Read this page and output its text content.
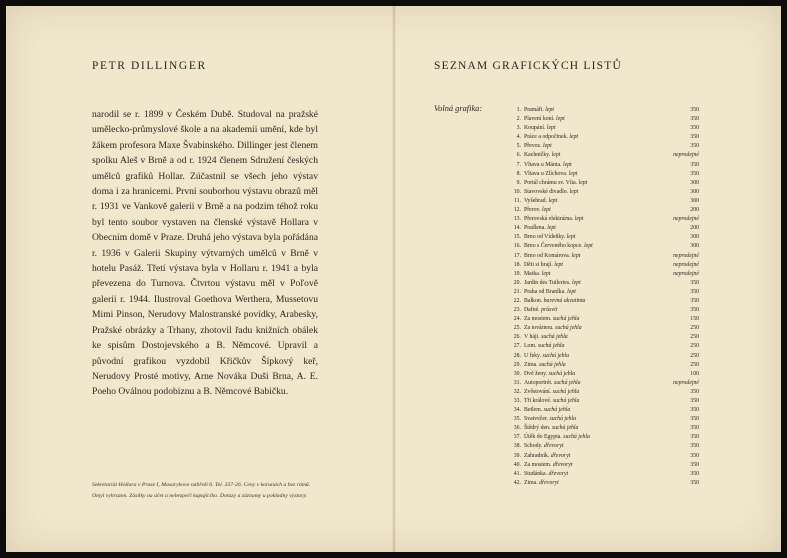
PETR DILLINGER

narodil se r. 1899 v Českém Dubě. Studoval na pražské umělecko-průmyslové škole a na akademii umění, kde byl žákem profesora Maxe Švabinského. Dillinger jest členem spolku Aleš v Brně a od r. 1924 členem Sdružení českých umělců grafiků Hollar. Zúčastnil se všech jeho výstav doma i za hranicemi. První souborhou výstavu obrazů měl r. 1931 ve Vankově galerii v Brně a na podzim téhož roku byl tento soubor vystaven na členské výstavě Hollara v Obecním domě v Praze. Druhá jeho výstava byla pořádána r. 1936 v Galerii Skupiny výtvarných umělců v Brně v hotelu Pasáž. Třetí výstava byla v Hollaru r. 1941 a byla převezena do Turnova. Čtvrtou výstavu měl v Poľově galerii r. 1944. Ilustroval Goethova Werthera, Mussetovu Mimi Pinson, Nerudovy Malostranské povídky, Arabesky, Pražské obrázky a Trhany, zhotovil řadu knižních obálek ke spisům Dostojevského a B. Němcové. Upravil a původní grafikou vyzdobil Křičkův Šípkový keř, Nerudovy Prosté motivy, Arne Nováka Duši Brna, A. E. Poeho Oválnou podobiznu a B. Němcové Babičku.

Sekretariát Hollara v Praze I, Masarykovo nábřeží 6. Tel. 337-26. Ceny v korunách a bez rámů.
Omyl vyhrazen. Zásilky na účet a nebezpečí kupujícího. Dotazy a záznamy u pokladny výstavy.
SEZNAM GRAFICKÝCH LISTŮ
Volná grafika:	1. Pramáři. lept	350
2. Plavení koní. lept	350
3. Koupání. lept	350
4. Práce a odpočinek. lept	350
5. Převoz. lept	350
6. Kachničky. lept	neprodejné
7. Vltava u Mánia. lept	350
8. Vltava u Zlíchova. lept	350
9. Portál chrámu sv. Víta. lept	300
10. Stavovské divadlo. lept	300
11. Vyšehrad. lept	300
12. Přerov. lept	200
13. Přerovská elektrárna. lept	neprodejné
14. Pradlena. lept	200
15. Brno od Vídeňky. lept	300
16. Brno s Červeného kopce. lept	300
17. Brno od Komárova. lept	neprodejné
18. Děti si hrají. lept	neprodejné
19. Matka. lept	neprodejné
20. Jardin des Tuileries. lept	350
21. Praha od Branlka. lept	350
22. Balkon. barevná akvatinta	350
23. Dafné. průsvit	350
24. Za mostem. suchá jehla	150
25. Za továrnou. suchá jehla	250
26. V háji. suchá jehla	250
27. Lom. suchá jehla	250
28. U řeky. suchá jehla	250
29. Zima. suchá jehla	250
30. Dvě ženy. suchá jehla	100
31. Autoportrét. suchá jehla	neprodejné
32. Zvěstování. suchá jehla	350
33. Tři králové. suchá jehla	350
34. Betlem. suchá jehla	350
35. Svatvečer. suchá jehla	350
36. Štědrý den. suchá jehla	350
37. Útěk do Egypta. suchá jehla	350
38. Schody. dřevoryt	350
39. Zahradník. dřevoryt	350
40. Za mostem. dřevoryt	350
41. Studánka. dřevoryt	350
42. Zima. dřevoryt	350
